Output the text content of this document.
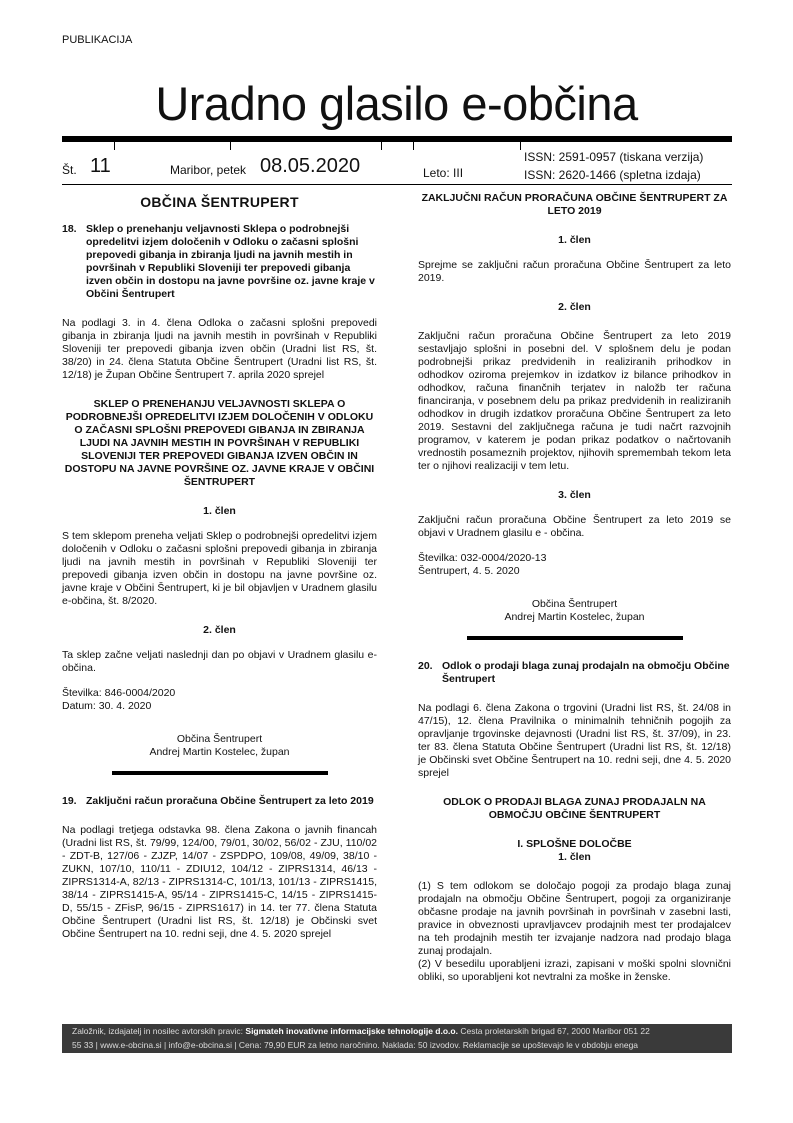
PUBLIKACIJA
Uradno glasilo e-občina
Št. 11	Maribor, petek 08.05.2020	Leto: III
ISSN: 2591-0957 (tiskana verzija)
ISSN: 2620-1466 (spletna izdaja)
OBČINA ŠENTRUPERT
18. Sklep o prenehanju veljavnosti Sklepa o podrobnejši opredelitvi izjem določenih v Odloku o začasni splošni prepovedi gibanja in zbiranja ljudi na javnih mestih in površinah v Republiki Sloveniji ter prepovedi gibanja izven občin in dostopu na javne površine oz. javne kraje v Občini Šentrupert

Na podlagi 3. in 4. člena Odloka o začasni splošni prepovedi gibanja in zbiranja ljudi na javnih mestih in površinah v Republiki Sloveniji ter prepovedi gibanja izven občin (Uradni list RS, št. 38/20) in 24. člena Statuta Občine Šentrupert (Uradni list RS, št. 12/18) je Župan Občine Šentrupert 7. aprila 2020 sprejel

SKLEP O PRENEHANJU VELJAVNOSTI SKLEPA O PODROBNEJŠI OPREDELITVI IZJEM DOLOČENIH V ODLOKU O ZAČASNI SPLOŠNI PREPOVEDI GIBANJA IN ZBIRANJA LJUDI NA JAVNIH MESTIH IN POVRŠINAH V REPUBLIKI SLOVENIJI TER PREPOVEDI GIBANJA IZVEN OBČIN IN DOSTOPU NA JAVNE POVRŠINE OZ. JAVNE KRAJE V OBČINI ŠENTRUPERT

1. člen

S tem sklepom preneha veljati Sklep o podrobnejši opredelitvi izjem določenih v Odloku o začasni splošni prepovedi gibanja in zbiranja ljudi na javnih mestih in površinah v Republiki Sloveniji ter prepovedi gibanja izven občin in dostopu na javne površine oz. javne kraje v Občini Šentrupert, ki je bil objavljen v Uradnem glasilu e-občina, št. 8/2020.

2. člen

Ta sklep začne veljati naslednji dan po objavi v Uradnem glasilu e-občina.

Številka: 846-0004/2020

Datum: 30. 4. 2020

Občina Šentrupert
Andrej Martin Kostelec, župan
19. Zaključni račun proračuna Občine Šentrupert za leto 2019

Na podlagi tretjega odstavka 98. člena Zakona o javnih financah (Uradni list RS, št. 79/99, 124/00, 79/01, 30/02, 56/02 - ZJU, 110/02 - ZDT-B, 127/06 - ZJZP, 14/07 - ZSPDPO, 109/08, 49/09, 38/10 - ZUKN, 107/10, 110/11 - ZDIU12, 104/12 - ZIPRS1314, 46/13 - ZIPRS1314-A, 82/13 - ZIPRS1314-C, 101/13, 101/13 - ZIPRS1415, 38/14 - ZIPRS1415-A, 95/14 - ZIPRS1415-C, 14/15 - ZIPRS1415-D, 55/15 - ZFisP, 96/15 - ZIPRS1617) in 14. ter 77. člena Statuta Občine Šentrupert (Uradni list RS, št. 12/18) je Občinski svet Občine Šentrupert na 10. redni seji, dne 4. 5. 2020 sprejel

ZAKLJUČNI RAČUN PRORAČUNA OBČINE ŠENTRUPERT ZA LETO 2019

1. člen

Sprejme se zaključni račun proračuna Občine Šentrupert za leto 2019.

2. člen

Zaključni račun proračuna Občine Šentrupert za leto 2019 sestavljajo splošni in posebni del. V splošnem delu je podan podrobnejši prikaz predvidenih in realiziranih prihodkov in odhodkov oziroma prejemkov in izdatkov iz bilance prihodkov in odhodkov, računa finančnih terjatev in naložb ter računa financiranja, v posebnem delu pa prikaz predvidenih in realiziranih odhodkov in drugih izdatkov proračuna Občine Šentrupert za leto 2019. Sestavni del zaključnega računa je tudi načrt razvojnih programov, v katerem je podan prikaz podatkov o načrtovanih vrednostih posameznih projektov, njihovih spremembah tekom leta ter o njihovi realizaciji v tem letu.

3. člen

Zaključni račun proračuna Občine Šentrupert za leto 2019 se objavi v Uradnem glasilu e - občina.

Številka: 032-0004/2020-13

Šentrupert, 4. 5. 2020

Občina Šentrupert
Andrej Martin Kostelec, župan
20. Odlok o prodaji blaga zunaj prodajaln na območju Občine Šentrupert

Na podlagi 6. člena Zakona o trgovini (Uradni list RS, št. 24/08 in 47/15), 12. člena Pravilnika o minimalnih tehničnih pogojih za opravljanje trgovinske dejavnosti (Uradni list RS, št. 37/09), in 23. ter 83. člena Statuta Občine Šentrupert (Uradni list RS, št. 12/18) je Občinski svet Občine Šentrupert na 10. redni seji, dne 4. 5. 2020 sprejel

ODLOK O PRODAJI BLAGA ZUNAJ PRODAJALN NA OBMOČJU OBČINE ŠENTRUPERT

I. SPLOŠNE DOLOČBE

1. člen

(1) S tem odlokom se določajo pogoji za prodajo blaga zunaj prodajaln na območju Občine Šentrupert, pogoji za organiziranje občasne prodaje na javnih površinah in površinah v zasebni lasti, pravice in obveznosti upravljavcev prodajnih mest ter prodajalcev na teh prodajnih mestih ter izvajanje nadzora nad prodajo blaga zunaj prodajaln.

(2) V besedilu uporabljeni izrazi, zapisani v moški spolni slovnični obliki, so uporabljeni kot nevtralni za moške in ženske.

Založnik, izdajatelj in nosilec avtorskih pravic: Sigmateh inovativne informacijske tehnologije d.o.o. Cesta proletarskih brigad 67, 2000 Maribor 051 22
55 33 | www.e-obcina.si | info@e-obcina.si | Cena: 79,90 EUR za letno naročnino. Naklada: 50 izvodov. Reklamacije se upoštevajo le v obdobju enega
